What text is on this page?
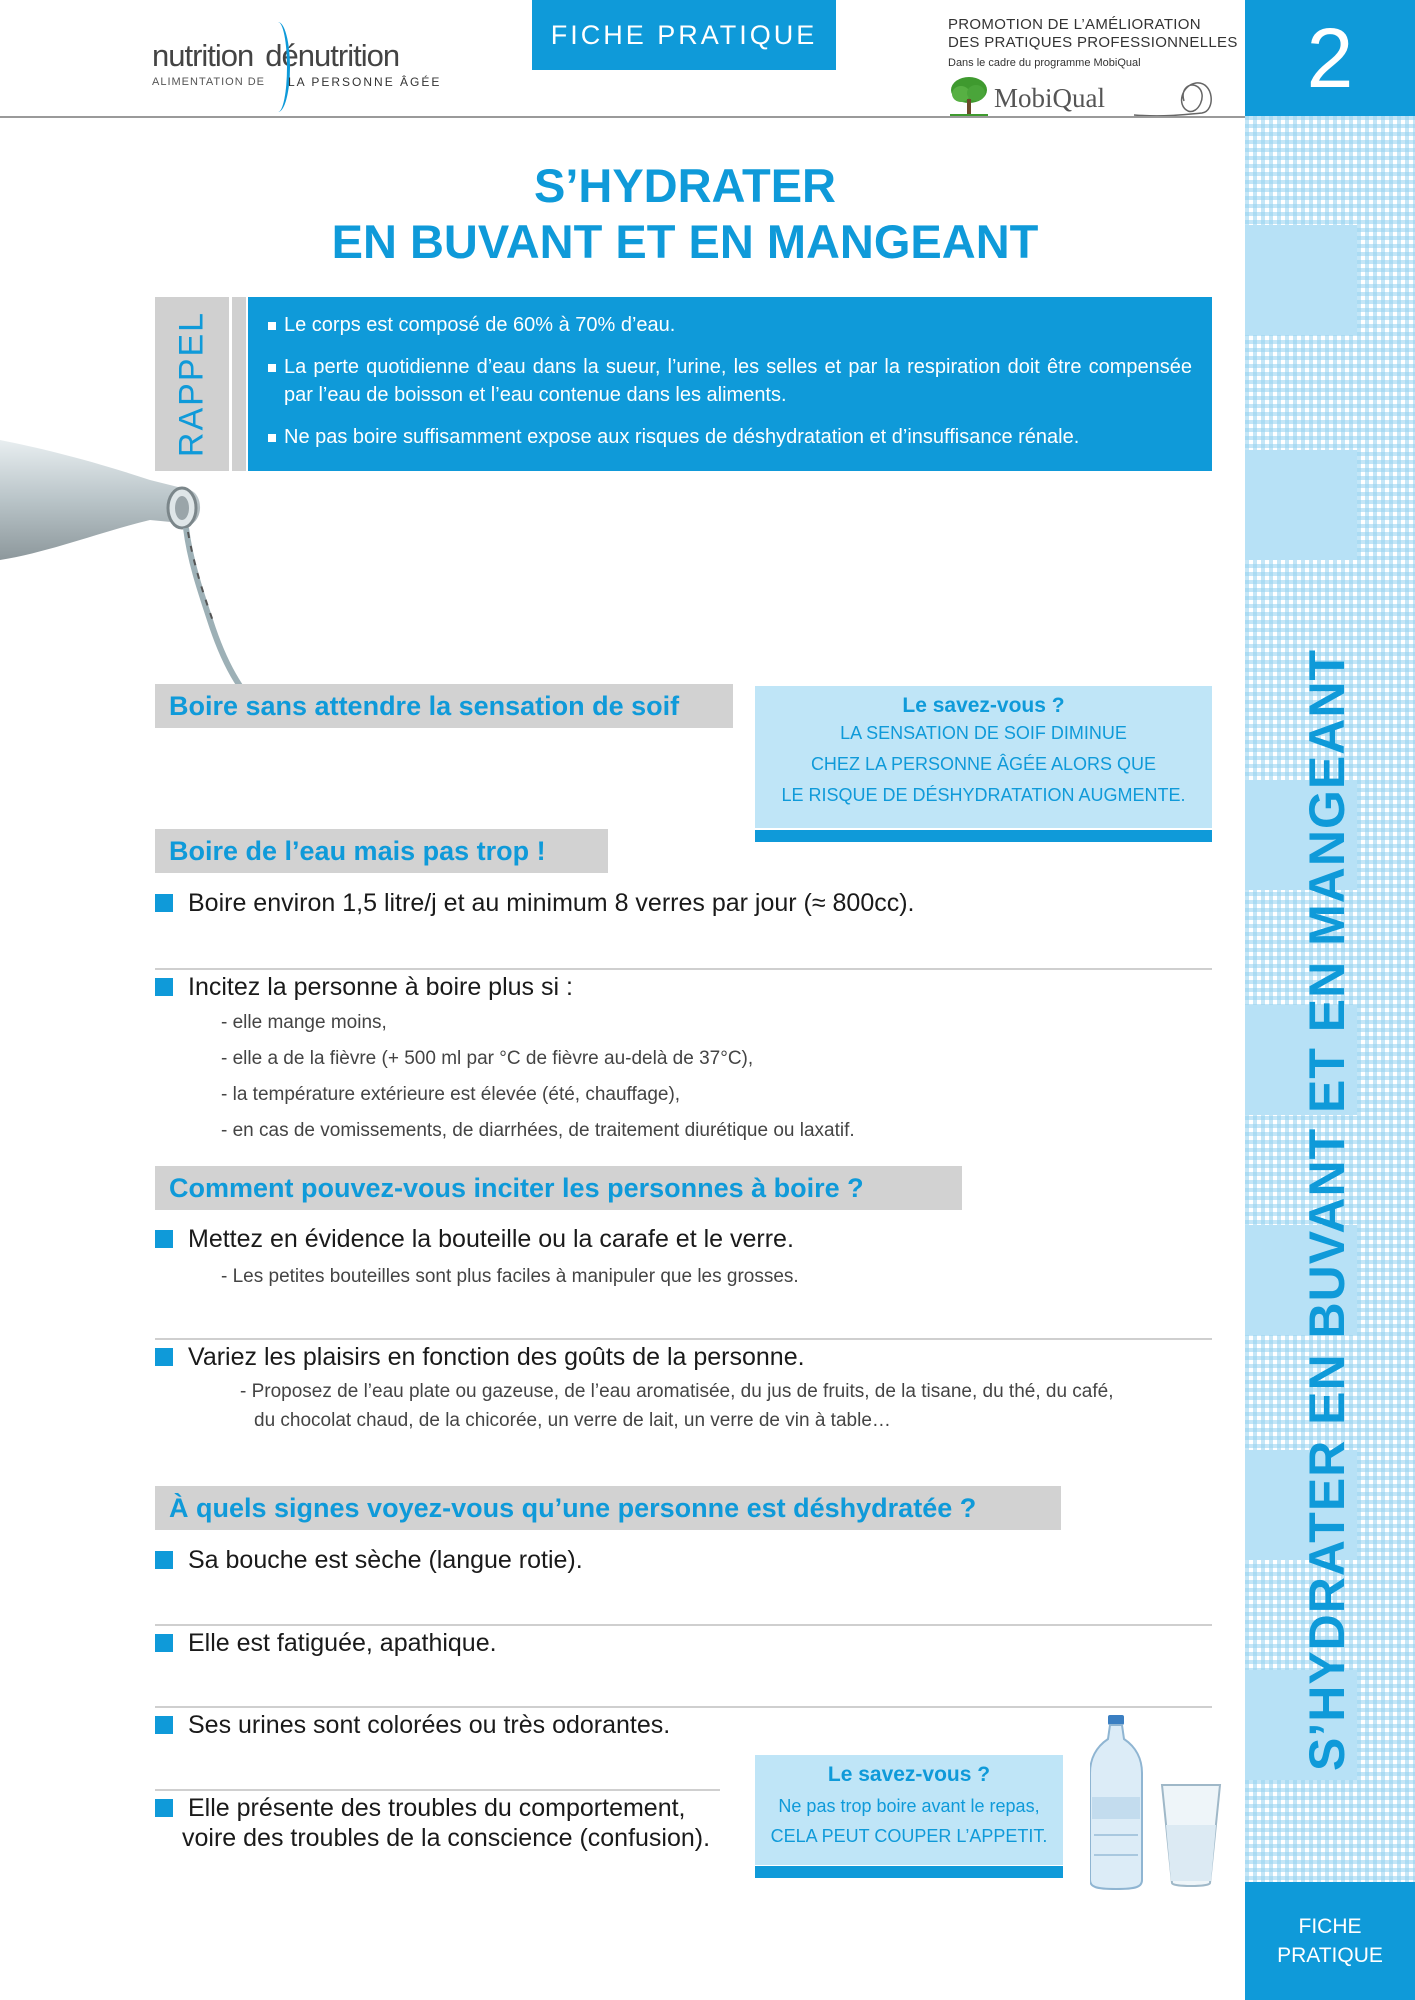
nutrition dénutrition
ALIMENTATION DE LA PERSONNE ÂGÉE
FICHE PRATIQUE	PROMOTION DE L’AMÉLIORATION
DES PRATIQUES PROFESSIONNELLES
Dans le cadre du programme MobiQual
MobiQual	2
S’HYDRATER EN BUVANT ET EN MANGEANT
FICHE
PRATIQUE
S’HYDRATER
EN BUVANT ET EN MANGEANT
RAPPEL	Le corps est composé de 60% à 70% d’eau.
La perte quotidienne d’eau dans la sueur, l’urine, les selles et par la respiration doit être compensée par l’eau de boisson et l’eau contenue dans les aliments.
Ne pas boire suffisamment expose aux risques de déshydratation et d’insuffisance rénale.
Boire sans attendre la sensation de soif	Le savez-vous ?
LA SENSATION DE SOIF DIMINUE
CHEZ LA PERSONNE ÂGÉE ALORS QUE
LE RISQUE DE DÉSHYDRATATION AUGMENTE.
Boire de l’eau mais pas trop !
Boire environ 1,5 litre/j et au minimum 8 verres par jour (≈ 800cc).
Incitez la personne à boire plus si :
- elle mange moins,
- elle a de la fièvre (+ 500 ml par °C de fièvre au-delà de 37°C),
- la température extérieure est élevée (été, chauffage),
- en cas de vomissements, de diarrhées, de traitement diurétique ou laxatif.
Comment pouvez-vous inciter les personnes à boire ?
Mettez en évidence la bouteille ou la carafe et le verre.
- Les petites bouteilles sont plus faciles à manipuler que les grosses.
Variez les plaisirs en fonction des goûts de la personne.
- Proposez de l’eau plate ou gazeuse, de l’eau aromatisée, du jus de fruits, de la tisane, du thé, du café,
du chocolat chaud, de la chicorée, un verre de lait, un verre de vin à table…
À quels signes voyez-vous qu’une personne est déshydratée ?
Sa bouche est sèche (langue rotie).
Elle est fatiguée, apathique.
Ses urines sont colorées ou très odorantes.
Elle présente des troubles du comportement,
voire des troubles de la conscience (confusion).
Le savez-vous ?
Ne pas trop boire avant le repas,
CELA PEUT COUPER L’APPETIT.
